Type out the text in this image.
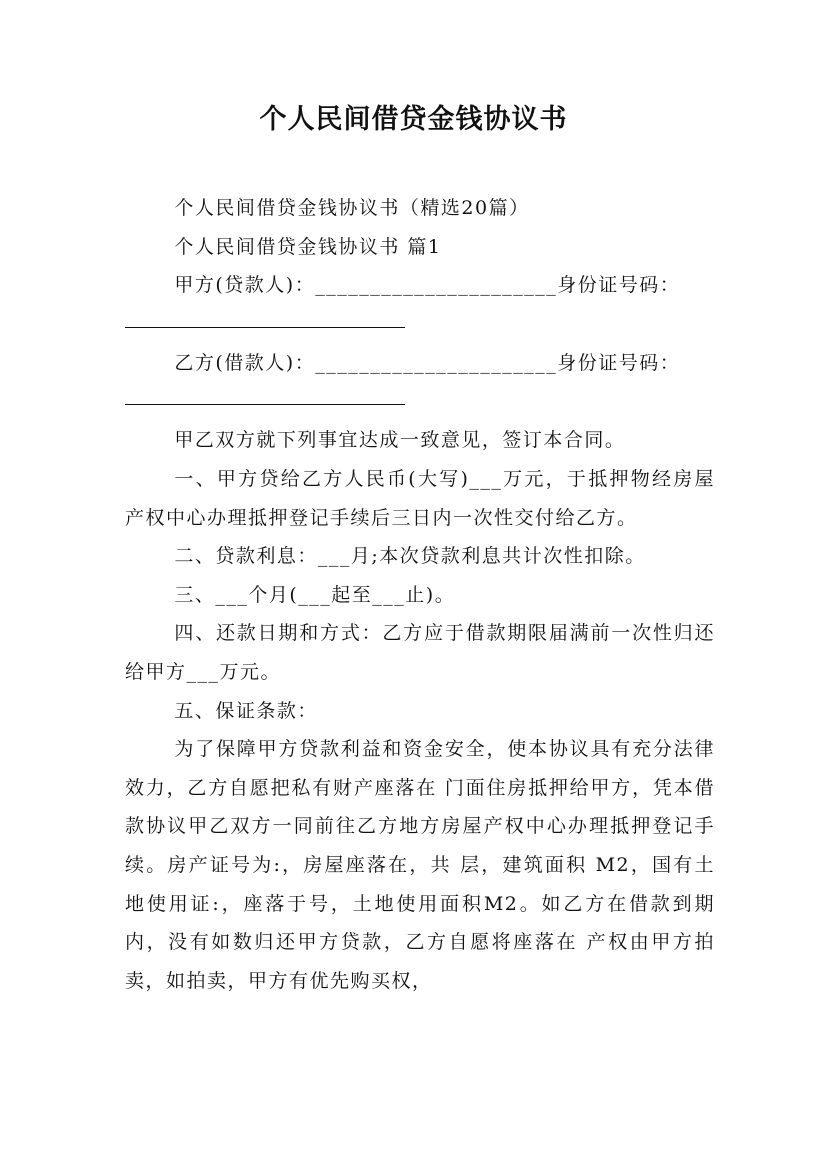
个人民间借贷金钱协议书

个人民间借贷金钱协议书（精选20篇）

个人民间借贷金钱协议书 篇1

甲方(贷款人)：______________________身份证号码：

乙方(借款人)：______________________身份证号码：

甲乙双方就下列事宜达成一致意见，签订本合同。

一、甲方贷给乙方人民币(大写)___万元，于抵押物经房屋产权中心办理抵押登记手续后三日内一次性交付给乙方。

二、贷款利息：___月;本次贷款利息共计次性扣除。

三、___个月(___起至___止)。

四、还款日期和方式：乙方应于借款期限届满前一次性归还给甲方___万元。

五、保证条款：

为了保障甲方贷款利益和资金安全，使本协议具有充分法律效力，乙方自愿把私有财产座落在 门面住房抵押给甲方，凭本借款协议甲乙双方一同前往乙方地方房屋产权中心办理抵押登记手续。房产证号为:，房屋座落在，共 层，建筑面积 M2，国有土地使用证:，座落于号，土地使用面积M2。如乙方在借款到期内，没有如数归还甲方贷款，乙方自愿将座落在 产权由甲方拍卖，如拍卖，甲方有优先购买权，
